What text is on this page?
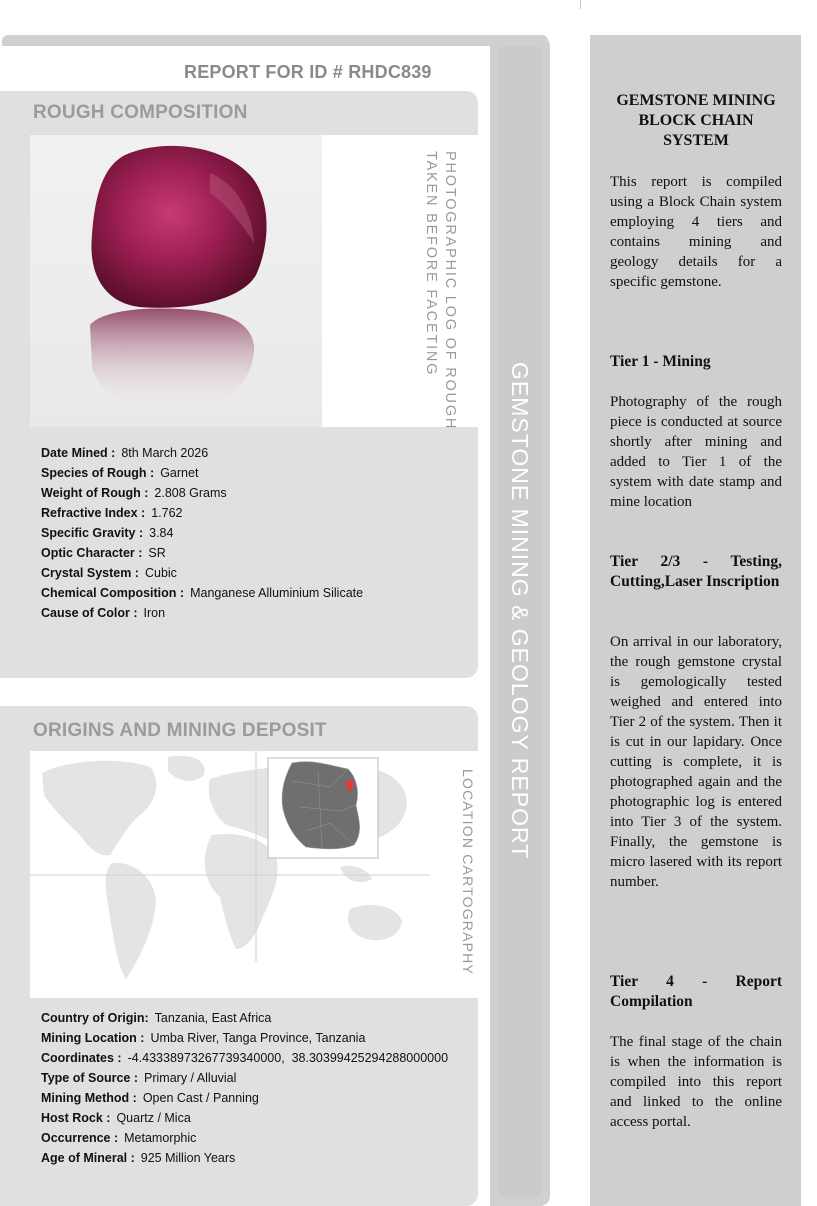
REPORT FOR ID # RHDC839
ROUGH COMPOSITION
PHOTOGRAPHIC LOG OF ROUGH
TAKEN BEFORE FACETING
Date Mined : 8th March 2026
Species of Rough : Garnet
Weight of Rough : 2.808 Grams
Refractive Index : 1.762
Specific Gravity : 3.84
Optic Character : SR
Crystal System : Cubic
Chemical Composition : Manganese Alluminium Silicate
Cause of Color : Iron
ORIGINS AND MINING DEPOSIT
LOCATION CARTOGRAPHY
Country of Origin: Tanzania, East Africa
Mining Location : Umba River, Tanga Province, Tanzania
Coordinates : -4.43338973267739340000,  38.30399425294288000000
Type of Source : Primary / Alluvial
Mining Method : Open Cast / Panning
Host Rock : Quartz / Mica
Occurrence : Metamorphic
Age of Mineral : 925 Million Years
GEMSTONE MINING & GEOLOGY REPORT
GEMSTONE MINING BLOCK CHAIN SYSTEM
This report is compiled using a Block Chain system employing 4 tiers and contains mining and geology details for a specific gemstone.
Tier 1 - Mining
Photography of the rough piece is conducted at source shortly after mining and added to Tier 1 of the system with date stamp and mine location
Tier 2/3 - Testing, Cutting,Laser Inscription
On arrival in our laboratory, the rough gemstone crystal is gemologically tested weighed and entered into Tier 2 of the system. Then it is cut in our lapidary. Once cutting is complete, it is photographed again and the photographic log is entered into Tier 3 of the system. Finally, the gemstone is micro lasered with its report number.
Tier 4 - Report Compilation
The final stage of the chain is when the information is compiled into this report and linked to the online access portal.
